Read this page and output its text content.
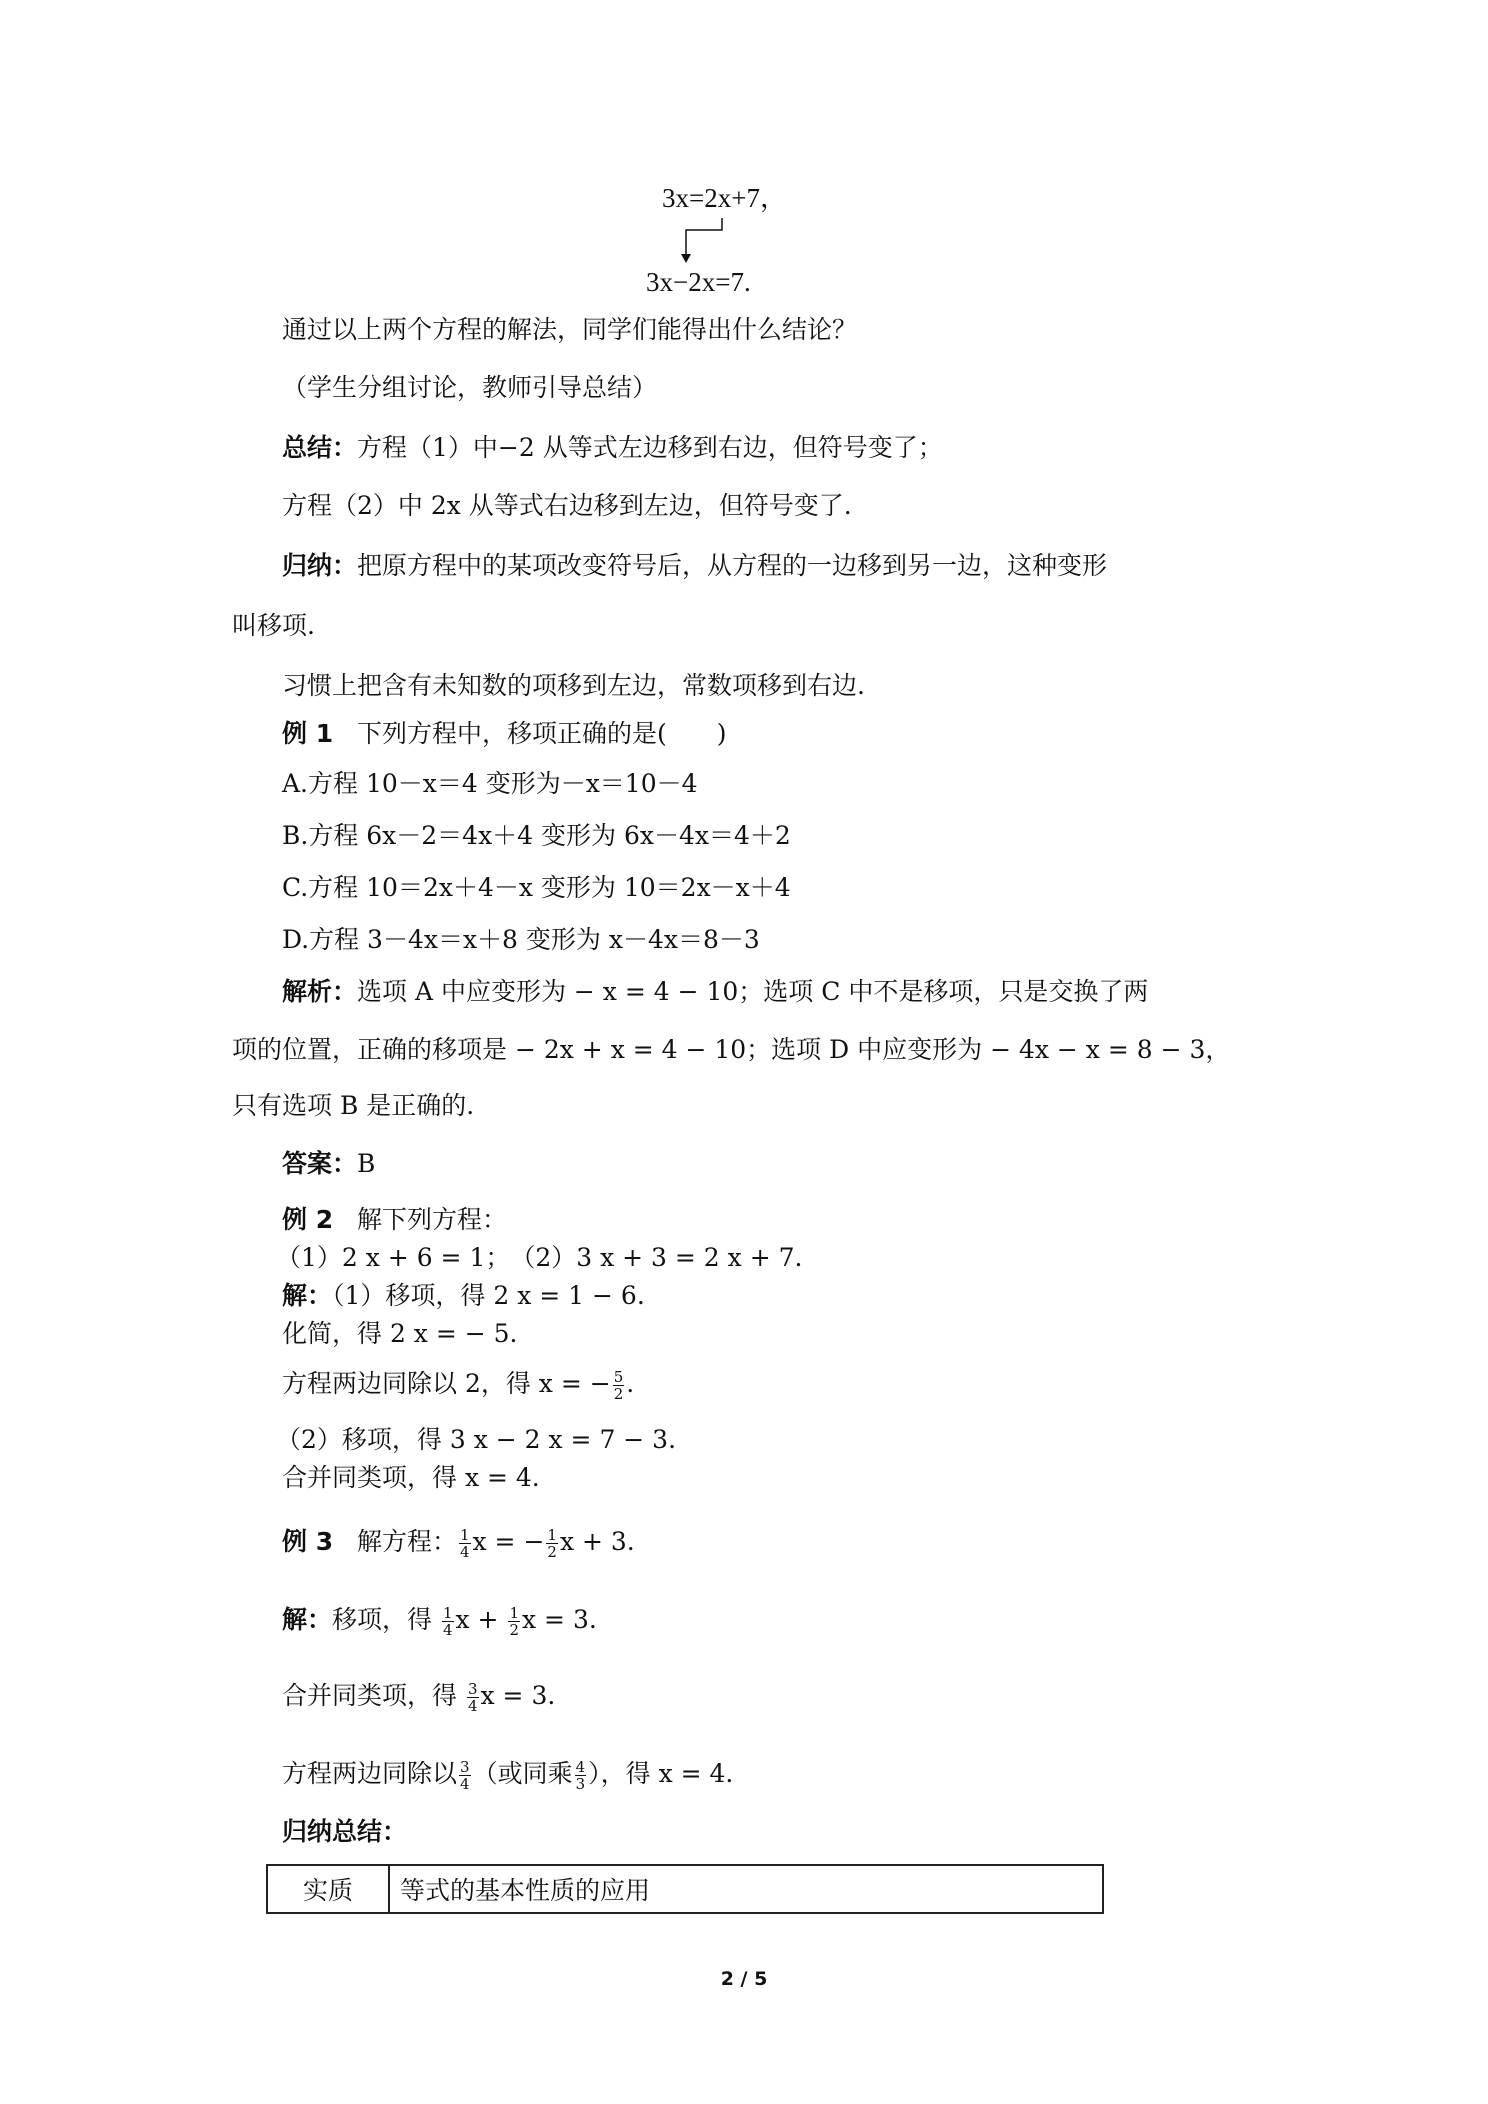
3x=2x+7，
3x−2x=7.
通过以上两个方程的解法，同学们能得出什么结论？
（学生分组讨论，教师引导总结）
总结：方程（1）中−2 从等式左边移到右边，但符号变了；
方程（2）中 2x 从等式右边移到左边，但符号变了.
归纳：把原方程中的某项改变符号后，从方程的一边移到另一边，这种变形
叫移项.
习惯上把含有未知数的项移到左边，常数项移到右边.
例 1 下列方程中，移项正确的是(　　)
A.方程 10－x＝4 变形为－x＝10－4
B.方程 6x－2＝4x＋4 变形为 6x－4x＝4＋2
C.方程 10＝2x＋4－x 变形为 10＝2x－x＋4
D.方程 3－4x＝x＋8 变形为 x－4x＝8－3
解析：选项 A 中应变形为 − x = 4 − 10；选项 C 中不是移项，只是交换了两
项的位置，正确的移项是 − 2x + x = 4 − 10；选项 D 中应变形为 − 4x − x = 8 − 3，
只有选项 B 是正确的.
答案：B
例 2 解下列方程：
（1）2 x + 6 = 1；　（2）3 x + 3 = 2 x + 7.
解：（1）移项，得 2 x = 1 − 6.
化简，得 2 x = − 5.
方程两边同除以 2，得 x = − $\frac{5}{2}$ .
（2）移项，得 3 x − 2 x = 7 − 3.
合并同类项，得 x = 4.
例 3 解方程： $\frac{1}{4}$ x = − $\frac{1}{2}$ x + 3.
解：移项，得 $\frac{1}{4}$ $x + \frac{1}{2}$ x = 3.
合并同类项，得 $\frac{3}{4}$ x = 3.
方程两边同除以 $\frac{3}{4}$ （或同乘 $\frac{4}{3}$ ），得 x = 4.
归纳总结：
实质	等式的基本性质的应用
2 / 5
